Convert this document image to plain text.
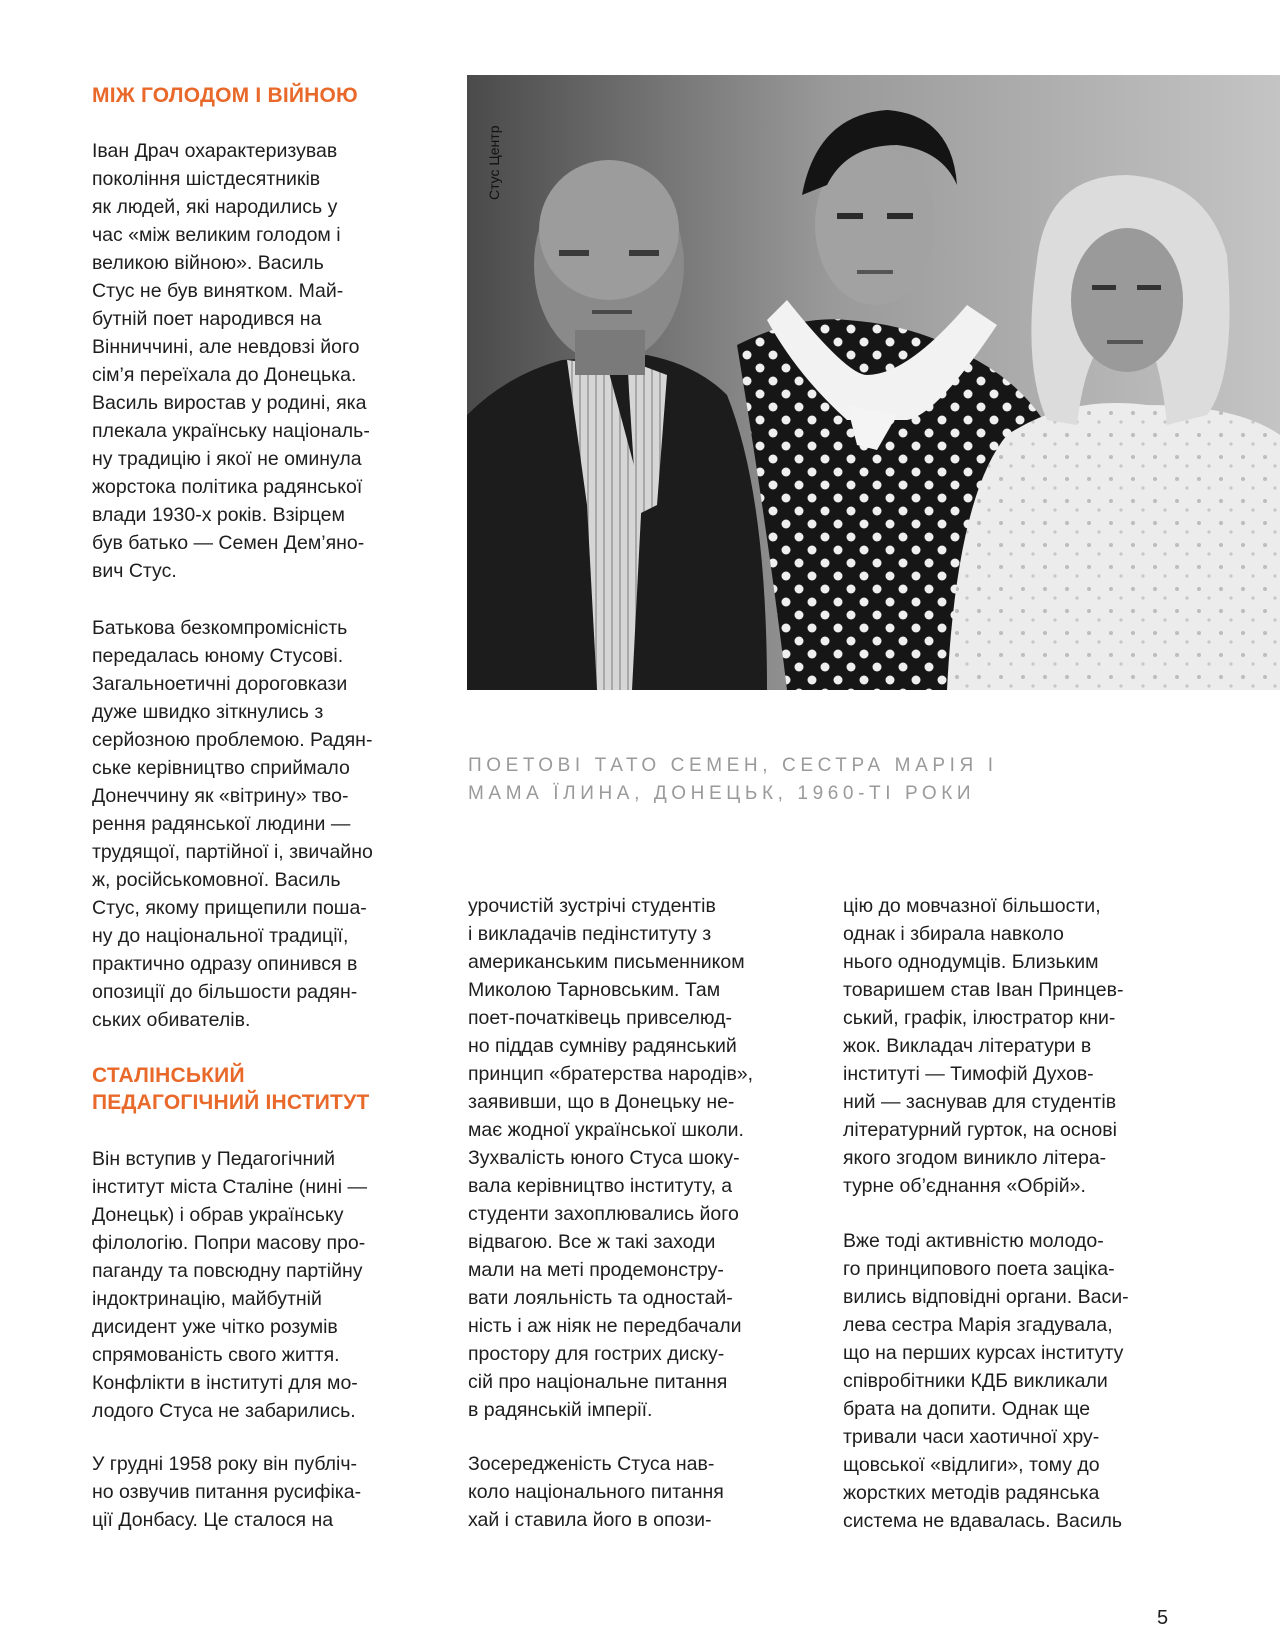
МІЖ ГОЛОДОМ І ВІЙНОЮ
Іван Драч охарактеризував
покоління шістдесятників
як людей, які народились у
час «між великим голодом і
великою війною». Василь
Стус не був винятком. Май-
бутній поет народився на
Вінниччині, але невдовзі його
сім’я переїхала до Донецька.
Василь виростав у родині, яка
плекала українську національ-
ну традицію і якої не оминула
жорстока політика радянської
влади 1930-х років. Взірцем
був батько — Семен Дем’яно-
вич Стус.
Батькова безкомпромісність
передалась юному Стусові.
Загальноетичні дороговкази
дуже швидко зіткнулись з
серйозною проблемою. Радян-
ське керівництво сприймало
Донеччину як «вітрину» тво-
рення радянської людини —
трудящої, партійної і, звичайно
ж, російськомовної. Василь
Стус, якому прищепили поша-
ну до національної традиції,
практично одразу опинився в
опозиції до більшости радян-
ських обивателів.
СТАЛІНСЬКИЙ
ПЕДАГОГІЧНИЙ ІНСТИТУТ
Він вступив у Педагогічний
інститут міста Сталіне (нині —
Донецьк) і обрав українську
філологію. Попри масову про-
паганду та повсюдну партійну
індоктринацію, майбутній
дисидент уже чітко розумів
спрямованість свого життя.
Конфлікти в інституті для мо-
лодого Стуса не забарились.
У грудні 1958 року він публіч-
но озвучив питання русифіка-
ції Донбасу. Це сталося на
урочистій зустрічі студентів
і викладачів педінституту з
американським письменником
Миколою Тарновським. Там
поет-початківець привселюд-
но піддав сумніву радянський
принцип «братерства народів»,
заявивши, що в Донецьку не-
має жодної української школи.
Зухвалість юного Стуса шоку-
вала керівництво інституту, а
студенти захоплювались його
відвагою. Все ж такі заходи
мали на меті продемонстру-
вати лояльність та одностай-
ність і аж ніяк не передбачали
простору для гострих диску-
сій про національне питання
в радянській імперії.
Зосередженість Стуса нав-
коло національного питання
хай і ставила його в опози-
цію до мовчазної більшости,
однак і збирала навколо
нього однодумців. Близьким
товаришем став Іван Принцев-
ський, графік, ілюстратор кни-
жок. Викладач літератури в
інституті — Тимофій Духов-
ний — заснував для студентів
літературний гурток, на основі
якого згодом виникло літера-
турне об’єднання «Обрій».
Вже тоді активністю молодо-
го принципового поета заціка-
вились відповідні органи. Васи-
лева сестра Марія згадувала,
що на перших курсах інституту
співробітники КДБ викликали
брата на допити. Однак ще
тривали часи хаотичної хру-
щовської «відлиги», тому до
жорстких методів радянська
система не вдавалась. Василь
Стус Центр
ПОЕТОВІ ТАТО СЕМЕН, СЕСТРА МАРІЯ І
МАМА ЇЛИНА, ДОНЕЦЬК, 1960-ТІ РОКИ
5
